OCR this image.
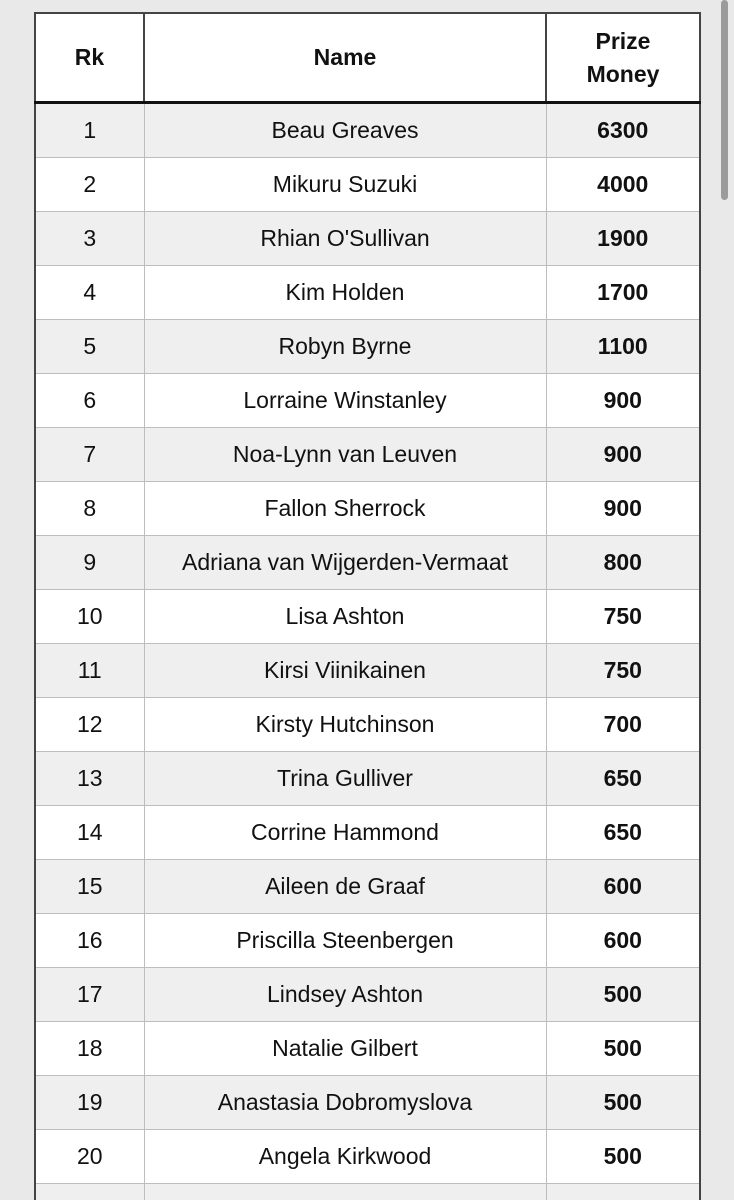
Rk	Name	Prize
Money
1	Beau Greaves	6300
2	Mikuru Suzuki	4000
3	Rhian O'Sullivan	1900
4	Kim Holden	1700
5	Robyn Byrne	1100
6	Lorraine Winstanley	900
7	Noa-Lynn van Leuven	900
8	Fallon Sherrock	900
9	Adriana van Wijgerden-Vermaat	800
10	Lisa Ashton	750
11	Kirsi Viinikainen	750
12	Kirsty Hutchinson	700
13	Trina Gulliver	650
14	Corrine Hammond	650
15	Aileen de Graaf	600
16	Priscilla Steenbergen	600
17	Lindsey Ashton	500
18	Natalie Gilbert	500
19	Anastasia Dobromyslova	500
20	Angela Kirkwood	500
